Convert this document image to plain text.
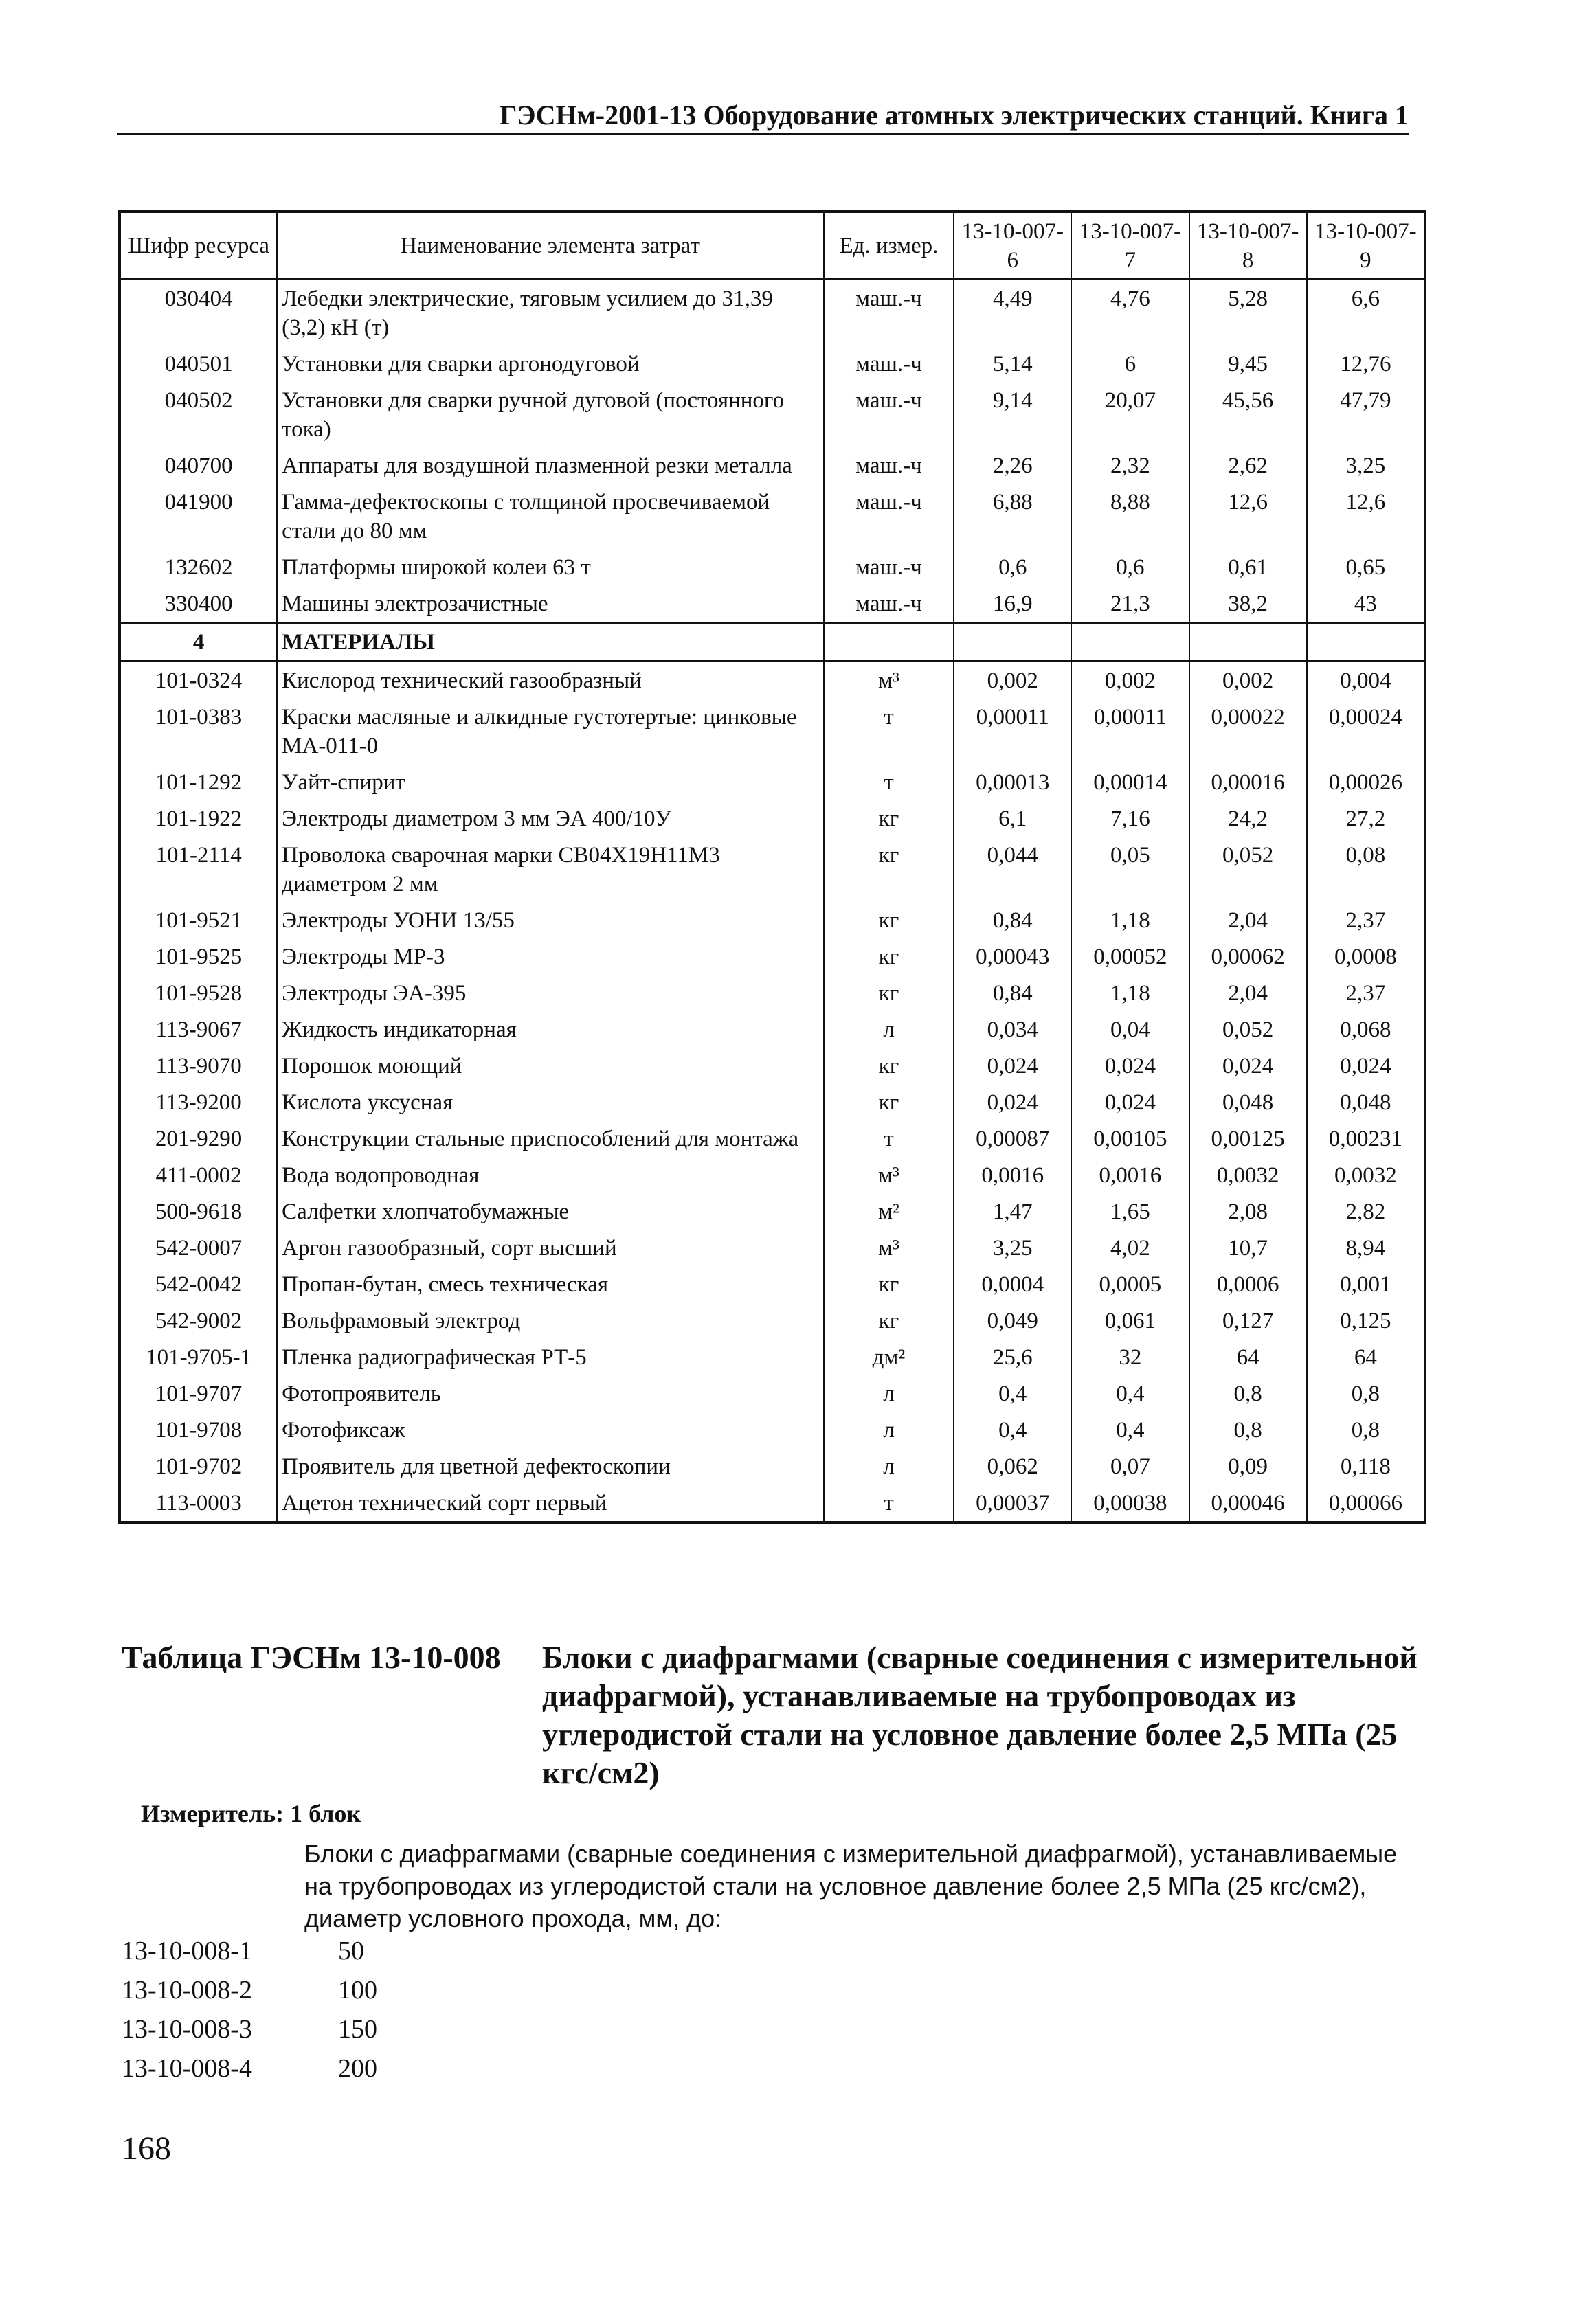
ГЭСНм-2001-13 Оборудование атомных электрических станций. Книга 1
Шифр ресурса	Наименование элемента затрат	Ед. измер.	13-10-007-6	13-10-007-7	13-10-007-8	13-10-007-9
030404	Лебедки электрические, тяговым усилием до 31,39 (3,2) кН (т)	маш.-ч	4,49	4,76	5,28	6,6
040501	Установки для сварки аргонодуговой	маш.-ч	5,14	6	9,45	12,76
040502	Установки для сварки ручной дуговой (постоянного тока)	маш.-ч	9,14	20,07	45,56	47,79
040700	Аппараты для воздушной плазменной резки металла	маш.-ч	2,26	2,32	2,62	3,25
041900	Гамма-дефектоскопы с толщиной просвечиваемой стали до 80 мм	маш.-ч	6,88	8,88	12,6	12,6
132602	Платформы широкой колеи 63 т	маш.-ч	0,6	0,6	0,61	0,65
330400	Машины электрозачистные	маш.-ч	16,9	21,3	38,2	43
4	МАТЕРИАЛЫ					
101-0324	Кислород технический газообразный	м³	0,002	0,002	0,002	0,004
101-0383	Краски масляные и алкидные густотертые: цинковые МА-011-0	т	0,00011	0,00011	0,00022	0,00024
101-1292	Уайт-спирит	т	0,00013	0,00014	0,00016	0,00026
101-1922	Электроды диаметром 3 мм ЭА 400/10У	кг	6,1	7,16	24,2	27,2
101-2114	Проволока сварочная марки СВ04Х19Н11М3 диаметром 2 мм	кг	0,044	0,05	0,052	0,08
101-9521	Электроды УОНИ 13/55	кг	0,84	1,18	2,04	2,37
101-9525	Электроды МР-3	кг	0,00043	0,00052	0,00062	0,0008
101-9528	Электроды ЭА-395	кг	0,84	1,18	2,04	2,37
113-9067	Жидкость индикаторная	л	0,034	0,04	0,052	0,068
113-9070	Порошок моющий	кг	0,024	0,024	0,024	0,024
113-9200	Кислота уксусная	кг	0,024	0,024	0,048	0,048
201-9290	Конструкции стальные приспособлений для монтажа	т	0,00087	0,00105	0,00125	0,00231
411-0002	Вода водопроводная	м³	0,0016	0,0016	0,0032	0,0032
500-9618	Салфетки хлопчатобумажные	м²	1,47	1,65	2,08	2,82
542-0007	Аргон газообразный, сорт высший	м³	3,25	4,02	10,7	8,94
542-0042	Пропан-бутан, смесь техническая	кг	0,0004	0,0005	0,0006	0,001
542-9002	Вольфрамовый электрод	кг	0,049	0,061	0,127	0,125
101-9705-1	Пленка радиографическая РТ-5	дм²	25,6	32	64	64
101-9707	Фотопроявитель	л	0,4	0,4	0,8	0,8
101-9708	Фотофиксаж	л	0,4	0,4	0,8	0,8
101-9702	Проявитель для цветной дефектоскопии	л	0,062	0,07	0,09	0,118
113-0003	Ацетон технический сорт первый	т	0,00037	0,00038	0,00046	0,00066
Таблица ГЭСНм 13-10-008 Блоки с диафрагмами (сварные соединения с измерительной диафрагмой), устанавливаемые на трубопроводах из углеродистой стали на условное давление более 2,5 МПа (25 кгс/см2)
Измеритель: 1 блок
Блоки с диафрагмами (сварные соединения с измерительной диафрагмой), устанавливаемые на трубопроводах из углеродистой стали на условное давление более 2,5 МПа (25 кгс/см2), диаметр условного прохода, мм, до:
13-10-008-1	50
13-10-008-2	100
13-10-008-3	150
13-10-008-4	200
168
